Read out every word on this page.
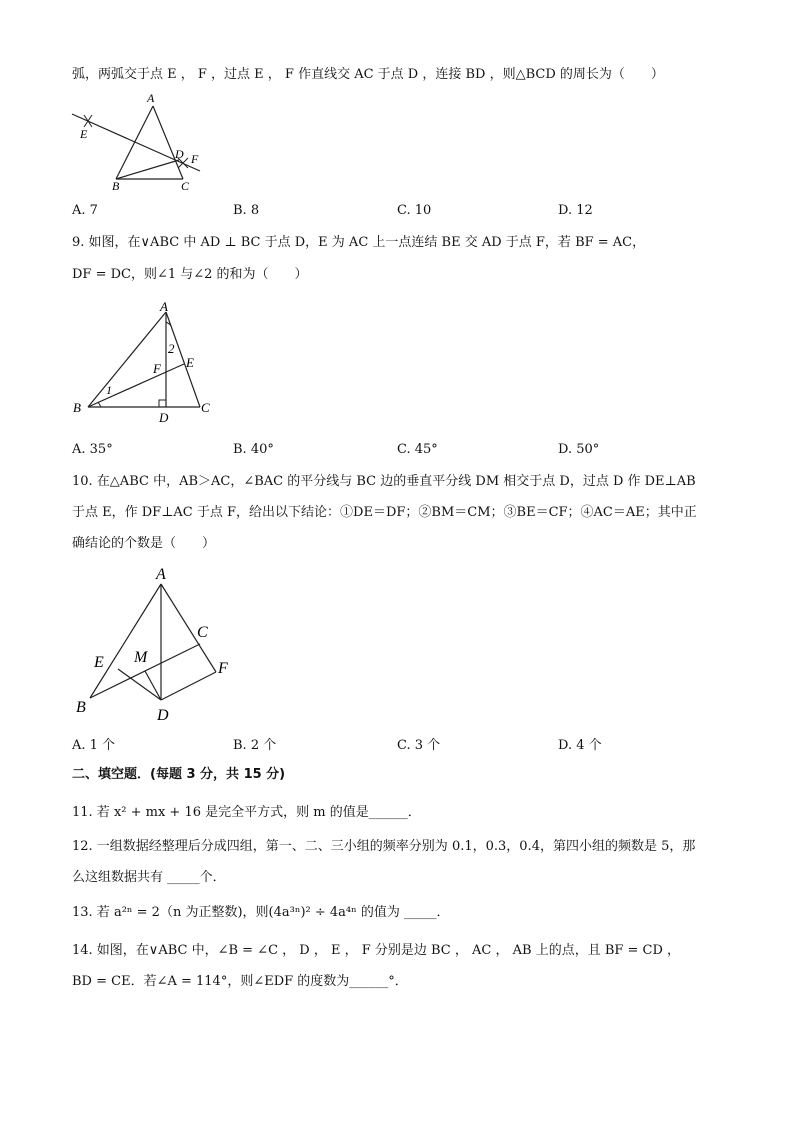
弧，两弧交于点 E ， F ，过点 E ， F 作直线交 AC 于点 D ，连接 BD ，则△BCD 的周长为（　　）
A
E
D F
B	C
A. 7	B. 8	C. 10	D. 12
9. 如图，在∨ABC 中 AD ⊥ BC 于点 D，E 为 AC 上一点连结 BE 交 AD 于点 F，若 BF = AC，
DF = DC，则∠1 与∠2 的和为（　　）
A
2
E
F
1
B
D
C
A. 35°	B. 40°	C. 45°	D. 50°
10. 在△ABC 中，AB＞AC，∠BAC 的平分线与 BC 边的垂直平分线 DM 相交于点 D，过点 D 作 DE⊥AB
于点 E，作 DF⊥AC 于点 F，给出以下结论：①DE＝DF；②BM＝CM；③BE＝CF；④AC＝AE；其中正
确结论的个数是（　　）
A
C
E M
F
B	D
A. 1 个	B. 2 个	C. 3 个	D. 4 个
二、填空题．(每题 3 分，共 15 分)
11. 若 x² + mx + 16 是完全平方式，则 m 的值是______．
12. 一组数据经整理后分成四组，第一、二、三小组的频率分别为 0.1，0.3，0.4，第四小组的频数是 5，那
么这组数据共有 _____个．
13. 若 a²ⁿ = 2（n 为正整数)，则(4a³ⁿ)² ÷ 4a⁴ⁿ 的值为 _____．
14. 如图，在∨ABC 中，∠B = ∠C ， D ， E ， F 分别是边 BC ， AC ， AB 上的点，且 BF = CD ，
BD = CE．若∠A = 114°，则∠EDF 的度数为______°．
